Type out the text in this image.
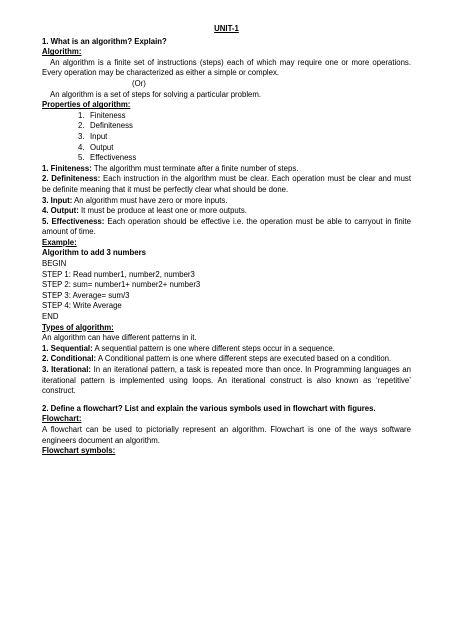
UNIT-1

1. What is an algorithm? Explain?

Algorithm:

An algorithm is a finite set of instructions (steps) each of which may require one or more operations. Every operation may be characterized as either a simple or complex.

(Or)

An algorithm is a set of steps for solving a particular problem.

Properties of algorithm:

1. Finiteness
2. Definiteness
3. Input
4. Output
5. Effectiveness

1. Finiteness: The algorithm must terminate after a finite number of steps.

2. Definiteness: Each instruction in the algorithm must be clear. Each operation must be clear and must be definite meaning that it must be perfectly clear what should be done.

3. Input: An algorithm must have zero or more inputs.

4. Output: It must be produce at least one or more outputs.

5. Effectiveness: Each operation should be effective i.e. the operation must be able to carryout in finite amount of time.

Example:

Algorithm to add 3 numbers

BEGIN

STEP 1: Read number1, number2, number3

STEP 2: sum= number1+ number2+ number3

STEP 3: Average= sum/3

STEP 4: Write Average

END

Types of algorithm:

An algorithm can have different patterns in it.

1. Sequential: A sequential pattern is one where different steps occur in a sequence.

2. Conditional: A Conditional pattern is one where different steps are executed based on a condition.

3. Iterational: In an iterational pattern, a task is repeated more than once. In Programming languages an iterational pattern is implemented using loops. An iterational construct is also known as ‘repetitive’ construct.

2. Define a flowchart? List and explain the various symbols used in flowchart with figures.

Flowchart:

A flowchart can be used to pictorially represent an algorithm. Flowchart is one of the ways software engineers document an algorithm.

Flowchart symbols:
